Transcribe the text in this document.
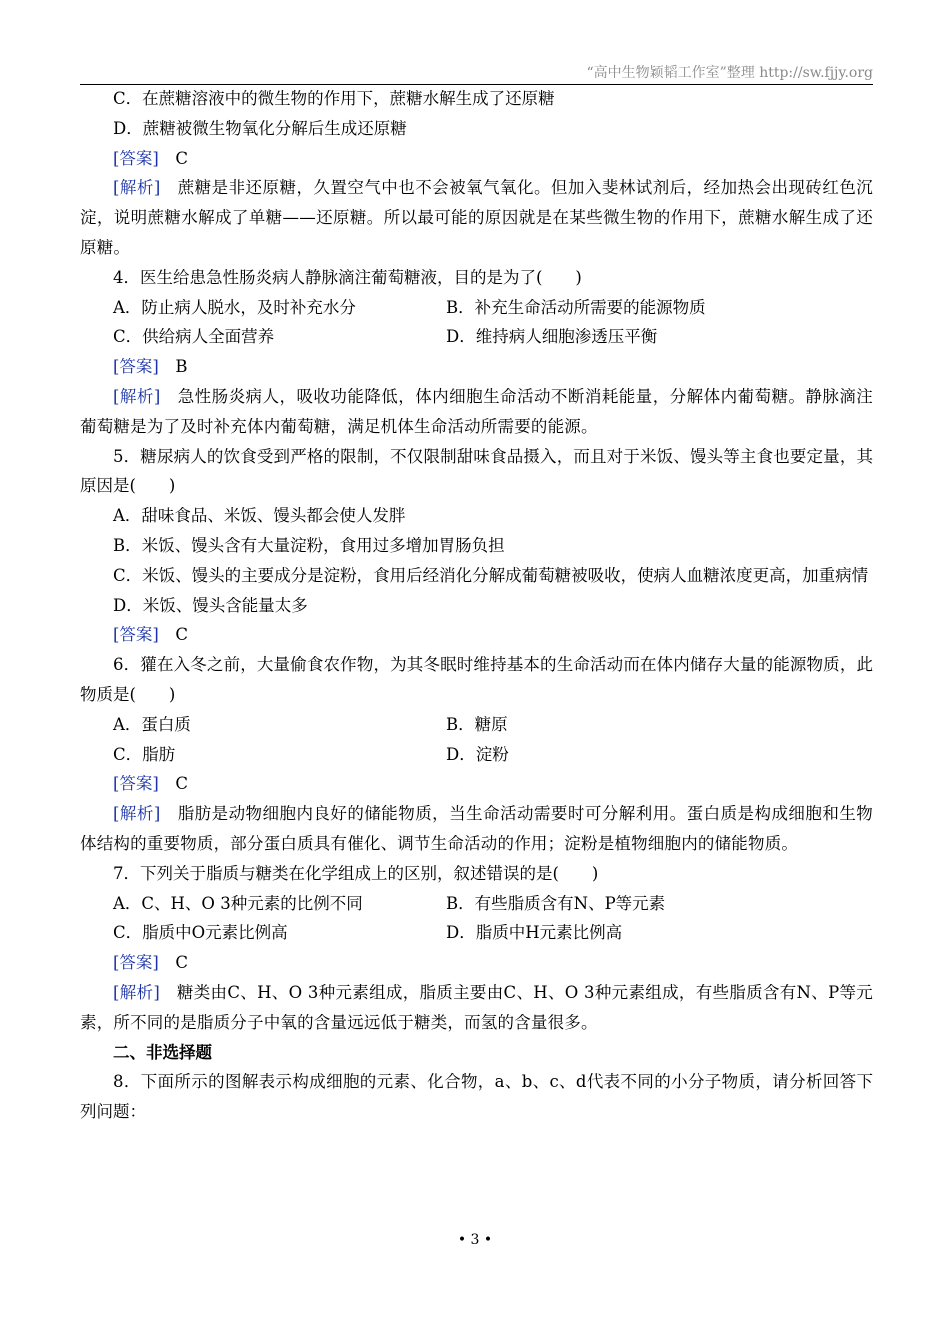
“高中生物颖韬工作室”整理 http://sw.fjjy.org

C．在蔗糖溶液中的微生物的作用下，蔗糖水解生成了还原糖

D．蔗糖被微生物氧化分解后生成还原糖

[答案]　 C

[解析]　 蔗糖是非还原糖，久置空气中也不会被氧气氧化。但加入斐林试剂后，经加热会出现砖红色沉淀，说明蔗糖水解成了单糖——还原糖。所以最可能的原因就是在某些微生物的作用下，蔗糖水解生成了还原糖。

4．医生给患急性肠炎病人静脉滴注葡萄糖液，目的是为了(　　)

A．防止病人脱水，及时补充水分	B．补充生命活动所需要的能源物质
C．供给病人全面营养	D．维持病人细胞渗透压平衡

[答案]　 B

[解析]　 急性肠炎病人，吸收功能降低，体内细胞生命活动不断消耗能量，分解体内葡萄糖。静脉滴注葡萄糖是为了及时补充体内葡萄糖，满足机体生命活动所需要的能源。

5．糖尿病人的饮食受到严格的限制，不仅限制甜味食品摄入，而且对于米饭、馒头等主食也要定量，其原因是(　　)

A．甜味食品、米饭、馒头都会使人发胖

B．米饭、馒头含有大量淀粉，食用过多增加胃肠负担

C．米饭、馒头的主要成分是淀粉，食用后经消化分解成葡萄糖被吸收，使病人血糖浓度更高，加重病情

D．米饭、馒头含能量太多

[答案]　 C

6．獾在入冬之前，大量偷食农作物，为其冬眠时维持基本的生命活动而在体内储存大量的能源物质，此物质是(　　)

A．蛋白质	B．糖原
C．脂肪	D．淀粉

[答案]　 C

[解析]　 脂肪是动物细胞内良好的储能物质，当生命活动需要时可分解利用。蛋白质是构成细胞和生物体结构的重要物质，部分蛋白质具有催化、调节生命活动的作用；淀粉是植物细胞内的储能物质。

7．下列关于脂质与糖类在化学组成上的区别，叙述错误的是(　　)

A．C、H、O 3种元素的比例不同	B．有些脂质含有N、P等元素
C．脂质中O元素比例高	D．脂质中H元素比例高

[答案]　 C

[解析]　 糖类由C、H、O 3种元素组成，脂质主要由C、H、O 3种元素组成，有些脂质含有N、P等元素，所不同的是脂质分子中氧的含量远远低于糖类，而氢的含量很多。

二、非选择题

8．下面所示的图解表示构成细胞的元素、化合物，a、b、c、d代表不同的小分子物质，请分析回答下列问题：

• 3 •
